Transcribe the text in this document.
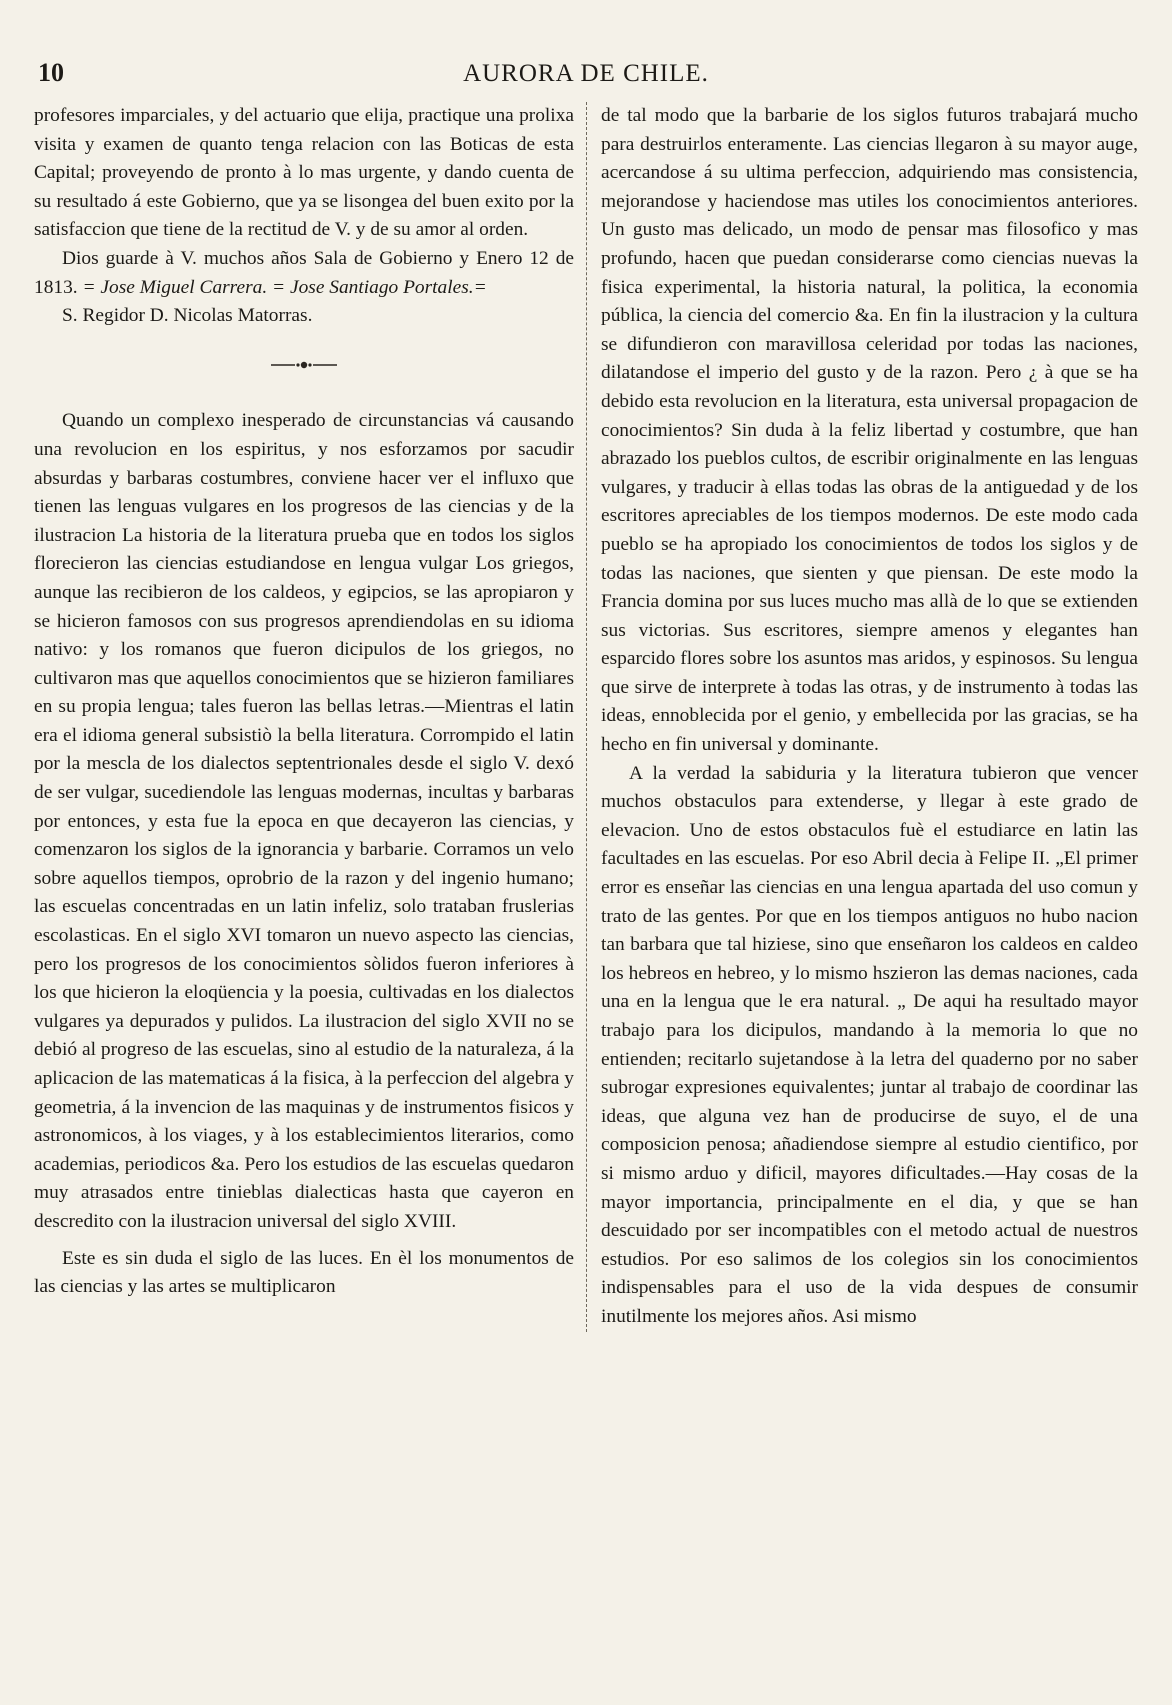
10	AURORA DE CHILE.

profesores imparciales, y del actuario que elija, practique una prolixa visita y examen de quanto tenga relacion con las Boticas de esta Capital; proveyendo de pronto à lo mas urgente, y dando cuenta de su resultado á este Gobierno, que ya se lisongea del buen exito por la satisfaccion que tiene de la rectitud de V. y de su amor al orden.

Dios guarde à V. muchos años Sala de Gobierno y Enero 12 de 1813. = Jose Miguel Carrera. = Jose Santiago Portales.=

S. Regidor D. Nicolas Matorras.

Quando un complexo inesperado de circunstancias vá causando una revolucion en los espiritus, y nos esforzamos por sacudir absurdas y barbaras costumbres, conviene hacer ver el influxo que tienen las lenguas vulgares en los progresos de las ciencias y de la ilustracion La historia de la literatura prueba que en todos los siglos florecieron las ciencias estudiandose en lengua vulgar Los griegos, aunque las recibieron de los caldeos, y egipcios, se las apropiaron y se hicieron famosos con sus progresos aprendiendolas en su idioma nativo: y los romanos que fueron dicipulos de los griegos, no cultivaron mas que aquellos conocimientos que se hizieron familiares en su propia lengua; tales fueron las bellas letras.—Mientras el latin era el idioma general subsistiò la bella literatura. Corrompido el latin por la mescla de los dialectos septentrionales desde el siglo V. dexó de ser vulgar, sucediendole las lenguas modernas, incultas y barbaras por entonces, y esta fue la epoca en que decayeron las ciencias, y comenzaron los siglos de la ignorancia y barbarie. Corramos un velo sobre aquellos tiempos, oprobrio de la razon y del ingenio humano; las escuelas concentradas en un latin infeliz, solo trataban fruslerias escolasticas. En el siglo XVI tomaron un nuevo aspecto las ciencias, pero los progresos de los conocimientos sòlidos fueron inferiores à los que hicieron la eloqüencia y la poesia, cultivadas en los dialectos vulgares ya depurados y pulidos. La ilustracion del siglo XVII no se debió al progreso de las escuelas, sino al estudio de la naturaleza, á la aplicacion de las matematicas á la fisica, à la perfeccion del algebra y geometria, á la invencion de las maquinas y de instrumentos fisicos y astronomicos, à los viages, y à los establecimientos literarios, como academias, periodicos &a. Pero los estudios de las escuelas quedaron muy atrasados entre tinieblas dialecticas hasta que cayeron en descredito con la ilustracion universal del siglo XVIII.

Este es sin duda el siglo de las luces. En èl los monumentos de las ciencias y las artes se multiplicaron

de tal modo que la barbarie de los siglos futuros trabajará mucho para destruirlos enteramente. Las ciencias llegaron à su mayor auge, acercandose á su ultima perfeccion, adquiriendo mas consistencia, mejorandose y haciendose mas utiles los conocimientos anteriores. Un gusto mas delicado, un modo de pensar mas filosofico y mas profundo, hacen que puedan considerarse como ciencias nuevas la fisica experimental, la historia natural, la politica, la economia pública, la ciencia del comercio &a. En fin la ilustracion y la cultura se difundieron con maravillosa celeridad por todas las naciones, dilatandose el imperio del gusto y de la razon. Pero ¿ à que se ha debido esta revolucion en la literatura, esta universal propagacion de conocimientos? Sin duda à la feliz libertad y costumbre, que han abrazado los pueblos cultos, de escribir originalmente en las lenguas vulgares, y traducir à ellas todas las obras de la antiguedad y de los escritores apreciables de los tiempos modernos. De este modo cada pueblo se ha apropiado los conocimientos de todos los siglos y de todas las naciones, que sienten y que piensan. De este modo la Francia domina por sus luces mucho mas allà de lo que se extienden sus victorias. Sus escritores, siempre amenos y elegantes han esparcido flores sobre los asuntos mas aridos, y espinosos. Su lengua que sirve de interprete à todas las otras, y de instrumento à todas las ideas, ennoblecida por el genio, y embellecida por las gracias, se ha hecho en fin universal y dominante.

A la verdad la sabiduria y la literatura tubieron que vencer muchos obstaculos para extenderse, y llegar à este grado de elevacion. Uno de estos obstaculos fuè el estudiarce en latin las facultades en las escuelas. Por eso Abril decia à Felipe II. „El primer error es enseñar las ciencias en una lengua apartada del uso comun y trato de las gentes. Por que en los tiempos antiguos no hubo nacion tan barbara que tal hiziese, sino que enseñaron los caldeos en caldeo los hebreos en hebreo, y lo mismo hszieron las demas naciones, cada una en la lengua que le era natural. „ De aqui ha resultado mayor trabajo para los dicipulos, mandando à la memoria lo que no entienden; recitarlo sujetandose à la letra del quaderno por no saber subrogar expresiones equivalentes; juntar al trabajo de coordinar las ideas, que alguna vez han de producirse de suyo, el de una composicion penosa; añadiendose siempre al estudio cientifico, por si mismo arduo y dificil, mayores dificultades.—Hay cosas de la mayor importancia, principalmente en el dia, y que se han descuidado por ser incompatibles con el metodo actual de nuestros estudios. Por eso salimos de los colegios sin los conocimientos indispensables para el uso de la vida despues de consumir inutilmente los mejores años. Asi mismo
